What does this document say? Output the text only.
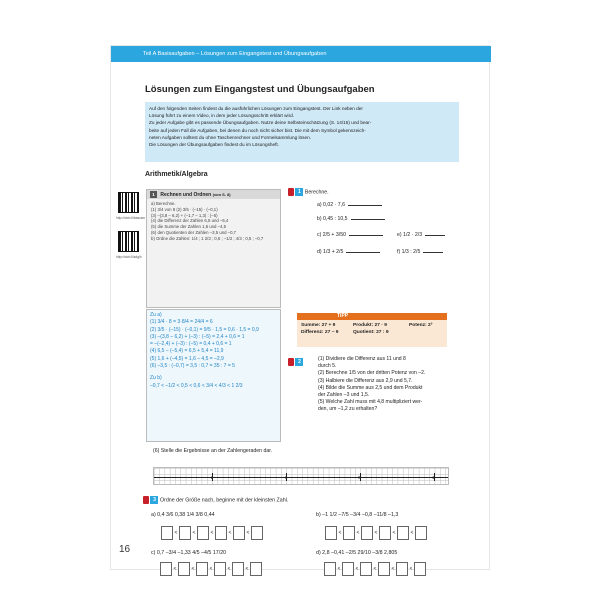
Teil A Basisaufgaben – Lösungen zum Eingangstest und Übungsaufgaben
Lösungen zum Eingangstest und Übungsaufgaben

Auf den folgenden Seiten findest du die ausführlichen Lösungen zum Eingangstest. Der Link neben der

Lösung führt zu einem Video, in dem jeder Lösungsschritt erklärt wird.

Zu jeder Aufgabe gibt es passende Übungsaufgaben. Nutze deine Selbsteinschätzung (S. 14/15) und bear-

beite auf jeden Fall die Aufgaben, bei denen du noch nicht sicher bist. Die mit dem Symbol gekennzeich-

neten Aufgaben solltest du ohne Taschenrechner und Formelsammlung lösen.

Die Lösungen der Übungsaufgaben findest du im Lösungsheft.

Arithmetik/Algebra
http://stoh.li/bascsm
http://stoh.li/sdglh
1 Rechnen und Ordnen (von S. 8)
a) Berechne.
(1) 3/4 von 8 (2) 3/5 · (–15) · (–0,1)
(3) –(3,8 – 6,2) + (–1,7 – 1,3) : (–5)
(4) die Differenz der Zahlen 6,5 und –5,4
(5) die Summe der Zahlen 1,6 und –4,5
(6) den Quotienten der Zahlen –3,5 und –0,7
b) Ordne die Zahlen: 1/4 ; 1 2/3 ; 0,6 ; –1/2 ; 4/3 ; 0,5 ; –0,7
Zu a)
(1) 3/4 · 8 = 3·8/4 = 24/4 = 6
(2) 3/5 · (–15) · (–0,1) = 9/5 · 1,5 = 0,6 · 1,5 = 0,9
(3) –(3,8 – 6,2) + (–3) : (–5) = 2,4 + 0,6 = 1
= –(–2,4) + (–3) : (–5) = 0,4 + 0,6 = 1
(4) 6,5 – (–5,4) = 6,5 + 5,4 = 11,9
(5) 1,6 + (–4,5) = 1,6 – 4,5 = –2,9
(6) –3,5 : (–0,7) = 3,5 : 0,7 = 35 : 7 = 5
Zu b)
–0,7 < –1/2 < 0,5 < 0,6 < 3/4 < 4/3 < 1 2/3
1 Berechne.
a) 0,02 · 7,6
b) 0,45 : 10,5
c) 2/5 + 3/50	e) 1/2 · 2/3
d) 1/3 + 2/5	f) 1/3 : 2/5
TIPP
Summe: 27 + 9	Produkt: 27 · 9	Potenz: 2³
Differenz: 27 – 9	Quotient: 27 : 9
2	(1) Dividiere die Differenz aus 11 und 8
durch 5.
(2) Berechne 1/5 von der dritten Potenz von –2.
(3) Halbiere die Differenz aus 2,9 und 5,7.
(4) Bilde die Summe aus 2,5 und dem Produkt
der Zahlen –3 und 1,5.
(5) Welche Zahl muss mit 4,8 multipliziert wer-
den, um –1,2 zu erhalten?
(6) Stelle die Ergebnisse an der Zahlengeraden dar.
–2	–1	0	1
3 Ordne der Größe nach, beginne mit der kleinsten Zahl.
a) 0,4 3/6 0,38 1/4 3/8 0,44	b) –1 1/2 –7/5 –3/4 –0,8 –11/8 –1,3
<	<	<	<	<	<	<	<	<	<
c) 0,7 –3/4 –1,33 4/5 –4/5 17/20	d) 2,8 –0,41 –2/5 29/10 –3/8 2,805
16
<	<	<	<	<	<	<	<	<	<
